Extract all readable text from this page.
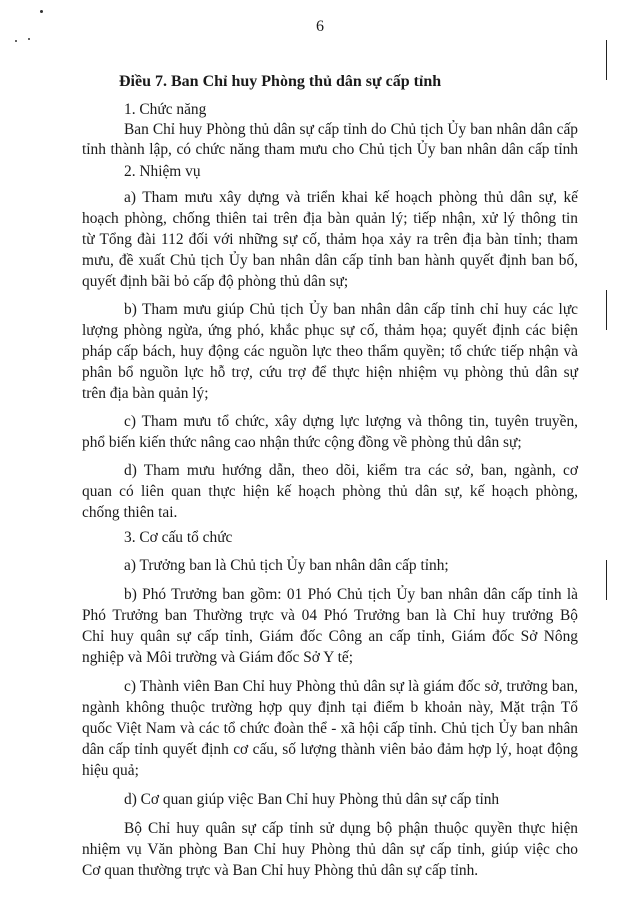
6
Điều 7. Ban Chỉ huy Phòng thủ dân sự cấp tỉnh
1. Chức năng
2. Nhiệm vụ
3. Cơ cấu tổ chức
Ban Chỉ huy Phòng thủ dân sự cấp tỉnh do Chủ tịch Ủy ban nhân dân cấp
tỉnh thành lập, có chức năng tham mưu cho Chủ tịch Ủy ban nhân dân cấp tỉnh
a) Tham mưu xây dựng và triển khai kế hoạch phòng thủ dân sự, kế
hoạch phòng, chống thiên tai trên địa bàn quản lý; tiếp nhận, xử lý thông tin
từ Tổng đài 112 đối với những sự cố, thảm họa xảy ra trên địa bàn tỉnh; tham
mưu, đề xuất Chủ tịch Ủy ban nhân dân cấp tỉnh ban hành quyết định ban bố,
quyết định bãi bỏ cấp độ phòng thủ dân sự;
b) Tham mưu giúp Chủ tịch Ủy ban nhân dân cấp tỉnh chỉ huy các lực
lượng phòng ngừa, ứng phó, khắc phục sự cố, thảm họa; quyết định các biện
pháp cấp bách, huy động các nguồn lực theo thẩm quyền; tổ chức tiếp nhận và
phân bổ nguồn lực hỗ trợ, cứu trợ để thực hiện nhiệm vụ phòng thủ dân sự
trên địa bàn quản lý;
c) Tham mưu tổ chức, xây dựng lực lượng và thông tin, tuyên truyền,
phổ biến kiến thức nâng cao nhận thức cộng đồng về phòng thủ dân sự;
a) Trưởng ban là Chủ tịch Ủy ban nhân dân cấp tỉnh;
b) Phó Trưởng ban gồm: 01 Phó Chủ tịch Ủy ban nhân dân cấp tỉnh là
Phó Trưởng ban Thường trực và 04 Phó Trưởng ban là Chỉ huy trưởng Bộ
Chỉ huy quân sự cấp tỉnh, Giám đốc Công an cấp tỉnh, Giám đốc Sở Nông
nghiệp và Môi trường và Giám đốc Sở Y tế;
c) Thành viên Ban Chỉ huy Phòng thủ dân sự là giám đốc sở, trưởng ban,
ngành không thuộc trường hợp quy định tại điểm b khoản này, Mặt trận Tổ
quốc Việt Nam và các tổ chức đoàn thể - xã hội cấp tỉnh. Chủ tịch Ủy ban nhân
dân cấp tỉnh quyết định cơ cấu, số lượng thành viên bảo đảm hợp lý, hoạt động
hiệu quả;
d) Cơ quan giúp việc Ban Chỉ huy Phòng thủ dân sự cấp tỉnh
Bộ Chỉ huy quân sự cấp tỉnh sử dụng bộ phận thuộc quyền thực hiện
nhiệm vụ Văn phòng Ban Chỉ huy Phòng thủ dân sự cấp tỉnh, giúp việc cho
Cơ quan thường trực và Ban Chỉ huy Phòng thủ dân sự cấp tỉnh.
d) Tham mưu hướng dẫn, theo dõi, kiểm tra các sở, ban, ngành, cơ
quan có liên quan thực hiện kế hoạch phòng thủ dân sự, kế hoạch phòng,
chống thiên tai.
